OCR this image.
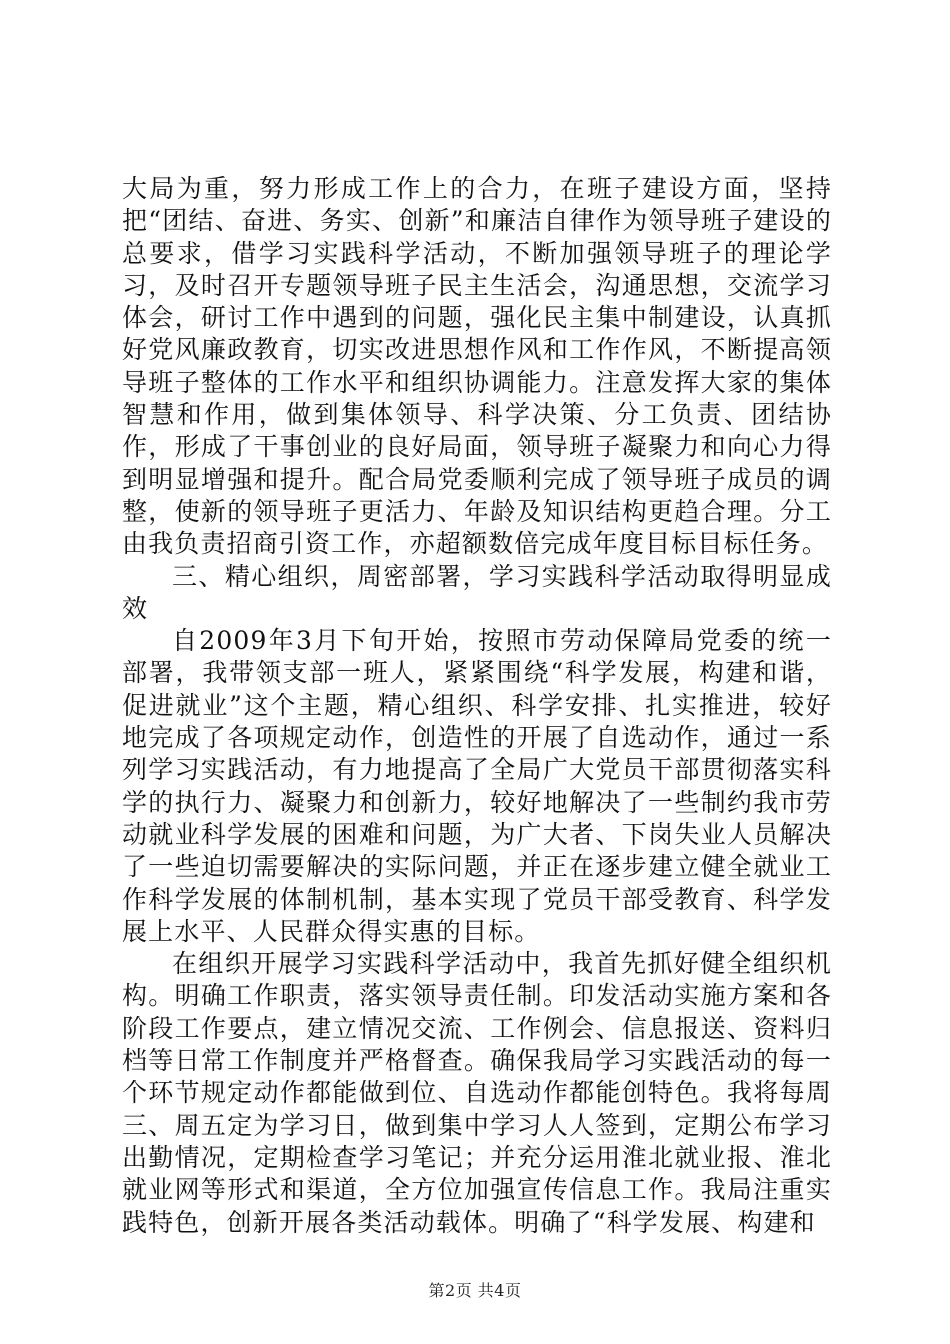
大局为重，努力形成工作上的合力，在班子建设方面，坚持把“团结、奋进、务实、创新”和廉洁自律作为领导班子建设的总要求，借学习实践科学活动，不断加强领导班子的理论学习，及时召开专题领导班子民主生活会，沟通思想，交流学习体会，研讨工作中遇到的问题，强化民主集中制建设，认真抓好党风廉政教育，切实改进思想作风和工作作风，不断提高领导班子整体的工作水平和组织协调能力。注意发挥大家的集体智慧和作用，做到集体领导、科学决策、分工负责、团结协作，形成了干事创业的良好局面，领导班子凝聚力和向心力得到明显增强和提升。配合局党委顺利完成了领导班子成员的调整，使新的领导班子更活力、年龄及知识结构更趋合理。分工由我负责招商引资工作，亦超额数倍完成年度目标目标任务。

三、精心组织，周密部署，学习实践科学活动取得明显成效

自2009年3月下旬开始，按照市劳动保障局党委的统一部署，我带领支部一班人，紧紧围绕“科学发展，构建和谐，促进就业”这个主题，精心组织、科学安排、扎实推进，较好地完成了各项规定动作，创造性的开展了自选动作，通过一系列学习实践活动，有力地提高了全局广大党员干部贯彻落实科学的执行力、凝聚力和创新力，较好地解决了一些制约我市劳动就业科学发展的困难和问题，为广大者、下岗失业人员解决了一些迫切需要解决的实际问题，并正在逐步建立健全就业工作科学发展的体制机制，基本实现了党员干部受教育、科学发展上水平、人民群众得实惠的目标。

在组织开展学习实践科学活动中，我首先抓好健全组织机构。明确工作职责，落实领导责任制。印发活动实施方案和各阶段工作要点，建立情况交流、工作例会、信息报送、资料归档等日常工作制度并严格督查。确保我局学习实践活动的每一个环节规定动作都能做到位、自选动作都能创特色。我将每周三、周五定为学习日，做到集中学习人人签到，定期公布学习出勤情况，定期检查学习笔记；并充分运用淮北就业报、淮北就业网等形式和渠道，全方位加强宣传信息工作。我局注重实践特色，创新开展各类活动载体。明确了“科学发展、构建和

第2页 共4页
